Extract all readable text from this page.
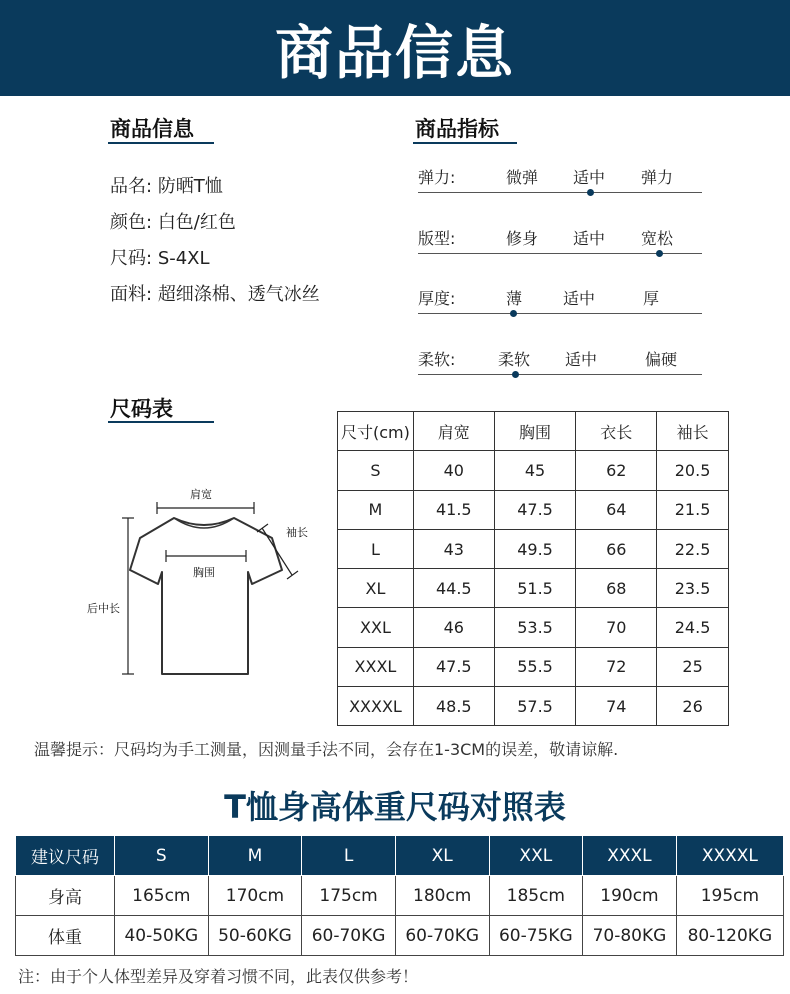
商品信息
商品信息
品名: 防晒T恤
颜色: 白色/红色
尺码: S-4XL
面料: 超细涤棉、透气冰丝
商品指标
弹力:	微弹 适中 弹力
版型:	修身 适中 宽松
厚度:	薄	适中	厚
柔软:	柔软 适中	偏硬
尺码表
肩宽
袖长
胸围
后中长
尺寸(cm)	肩宽	胸围	衣长	袖长
S	40	45	62	20.5
M	41.5	47.5	64	21.5
L	43	49.5	66	22.5
XL	44.5	51.5	68	23.5
XXL	46	53.5	70	24.5
XXXL	47.5	55.5	72	25
XXXXL	48.5	57.5	74	26
温馨提示：尺码均为手工测量，因测量手法不同，会存在1-3CM的误差，敬请谅解.
T恤身高体重尺码对照表
建议尺码	S	M	L	XL	XXL	XXXL	XXXXL
身高	165cm	170cm	175cm	180cm	185cm	190cm	195cm
体重	40-50KG	50-60KG	60-70KG	60-70KG	60-75KG	70-80KG	80-120KG
注：由于个人体型差异及穿着习惯不同，此表仅供参考！
